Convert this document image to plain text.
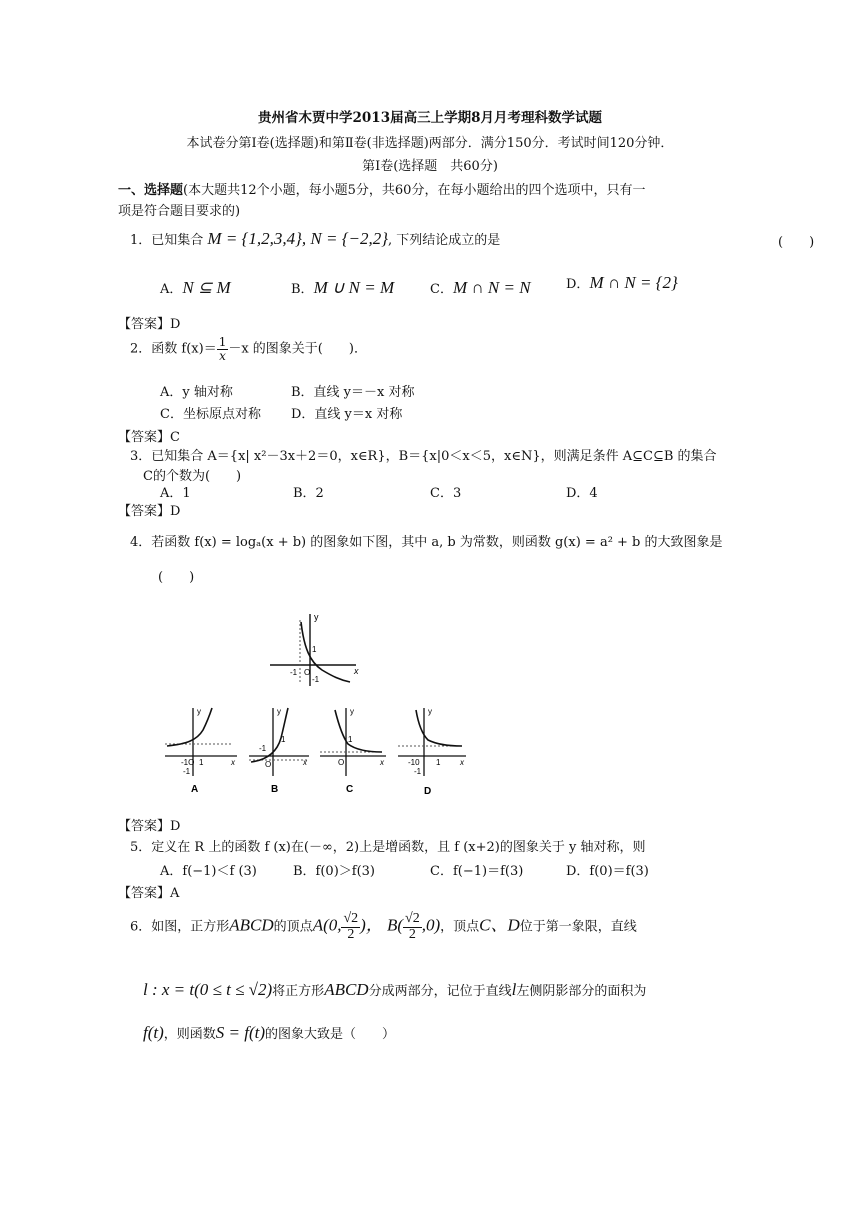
贵州省木贾中学2013届高三上学期8月月考理科数学试题
本试卷分第Ⅰ卷(选择题)和第Ⅱ卷(非选择题)两部分．满分150分．考试时间120分钟．
第Ⅰ卷(选择题　共60分)
一、选择题(本大题共12个小题，每小题5分，共60分，在每小题给出的四个选项中，只有一
项是符合题目要求的)
1．已知集合 M = {1,2,3,4}, N = {−2,2}, 下列结论成立的是	(　　)
A．N ⊆ M	B．M ∪ N = M	C．M ∩ N = N	D．M ∩ N = {2}
【答案】D
2．函数 $f(x)= \frac{1}{x} -x$ 的图象关于(　　)．
A．y 轴对称	B．直线 y＝－x 对称
C．坐标原点对称 D．直线 y＝x 对称
【答案】C
3．已知集合 A＝{x| x²－3x＋2＝0，x∈R}，B＝{x|0＜x＜5，x∈N}，则满足条件 A⊆C⊆B 的集合
C的个数为(　　)
A．1	B．2	C．3	D．4
【答案】D
4．若函数 f(x) = logₐ(x + b) 的图象如下图，其中 a, b 为常数，则函数 g(x) = a² + b 的大致图象是
(　　)
y
x
O
-1
-1
1
y
x
-1O 1
-1
A
y
x
-1
O
1
B
y
x
O
1
C
y
x
-10 1
-1
D
【答案】D
5．定义在 R 上的函数 f (x)在(－∞，2)上是增函数，且 f (x+2)的图象关于 y 轴对称，则
A．f(−1)＜f (3)	B．f(0)＞f(3)	C．f(−1)＝f(3)	D．f(0)＝f(3)
【答案】A
6．如图，正方形ABCD的顶点A(0, $\frac{√2}{2}$ )， $B( \frac{√2}{2} ,0)$，顶点C、D位于第一象限，直线
l : x = t(0 ≤ t ≤ √2)将正方形ABCD分成两部分，记位于直线l左侧阴影部分的面积为
f(t)，则函数S = f(t)的图象大致是（　　）
